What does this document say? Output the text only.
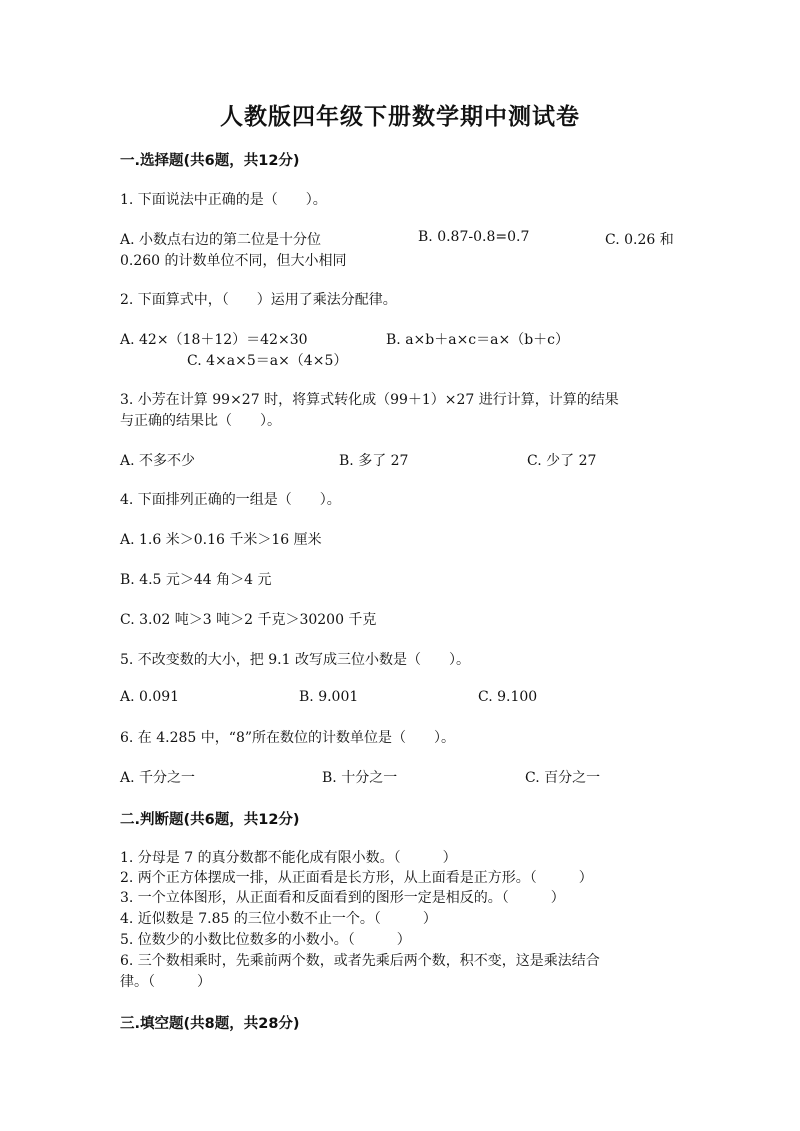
人教版四年级下册数学期中测试卷
一.选择题(共6题，共12分)
1. 下面说法中正确的是（　　）。
A. 小数点右边的第二位是十分位	B. 0.87-0.8=0.7	C. 0.26 和
0.260 的计数单位不同，但大小相同
2. 下面算式中，（　　）运用了乘法分配律。
A. 42×（18＋12）＝42×30	B. a×b＋a×c＝a×（b＋c）
C. 4×a×5＝a×（4×5）
3. 小芳在计算 99×27 时，将算式转化成（99＋1）×27 进行计算，计算的结果
与正确的结果比（　　）。
A. 不多不少	B. 多了 27	C. 少了 27
4. 下面排列正确的一组是（　　）。
A. 1.6 米＞0.16 千米＞16 厘米
B. 4.5 元＞44 角＞4 元
C. 3.02 吨＞3 吨＞2 千克＞30200 千克
5. 不改变数的大小，把 9.1 改写成三位小数是（　　）。
A. 0.091	B. 9.001	C. 9.100
6. 在 4.285 中，“8”所在数位的计数单位是（　　）。
A. 千分之一	B. 十分之一	C. 百分之一
二.判断题(共6题，共12分)
1. 分母是 7 的真分数都不能化成有限小数。（　　　）
2. 两个正方体摆成一排，从正面看是长方形，从上面看是正方形。（　　　）
3. 一个立体图形，从正面看和反面看到的图形一定是相反的。（　　　）
4. 近似数是 7.85 的三位小数不止一个。（　　　）
5. 位数少的小数比位数多的小数小。（　　　）
6. 三个数相乘时，先乘前两个数，或者先乘后两个数，积不变，这是乘法结合
律。（　　　）
三.填空题(共8题，共28分)
